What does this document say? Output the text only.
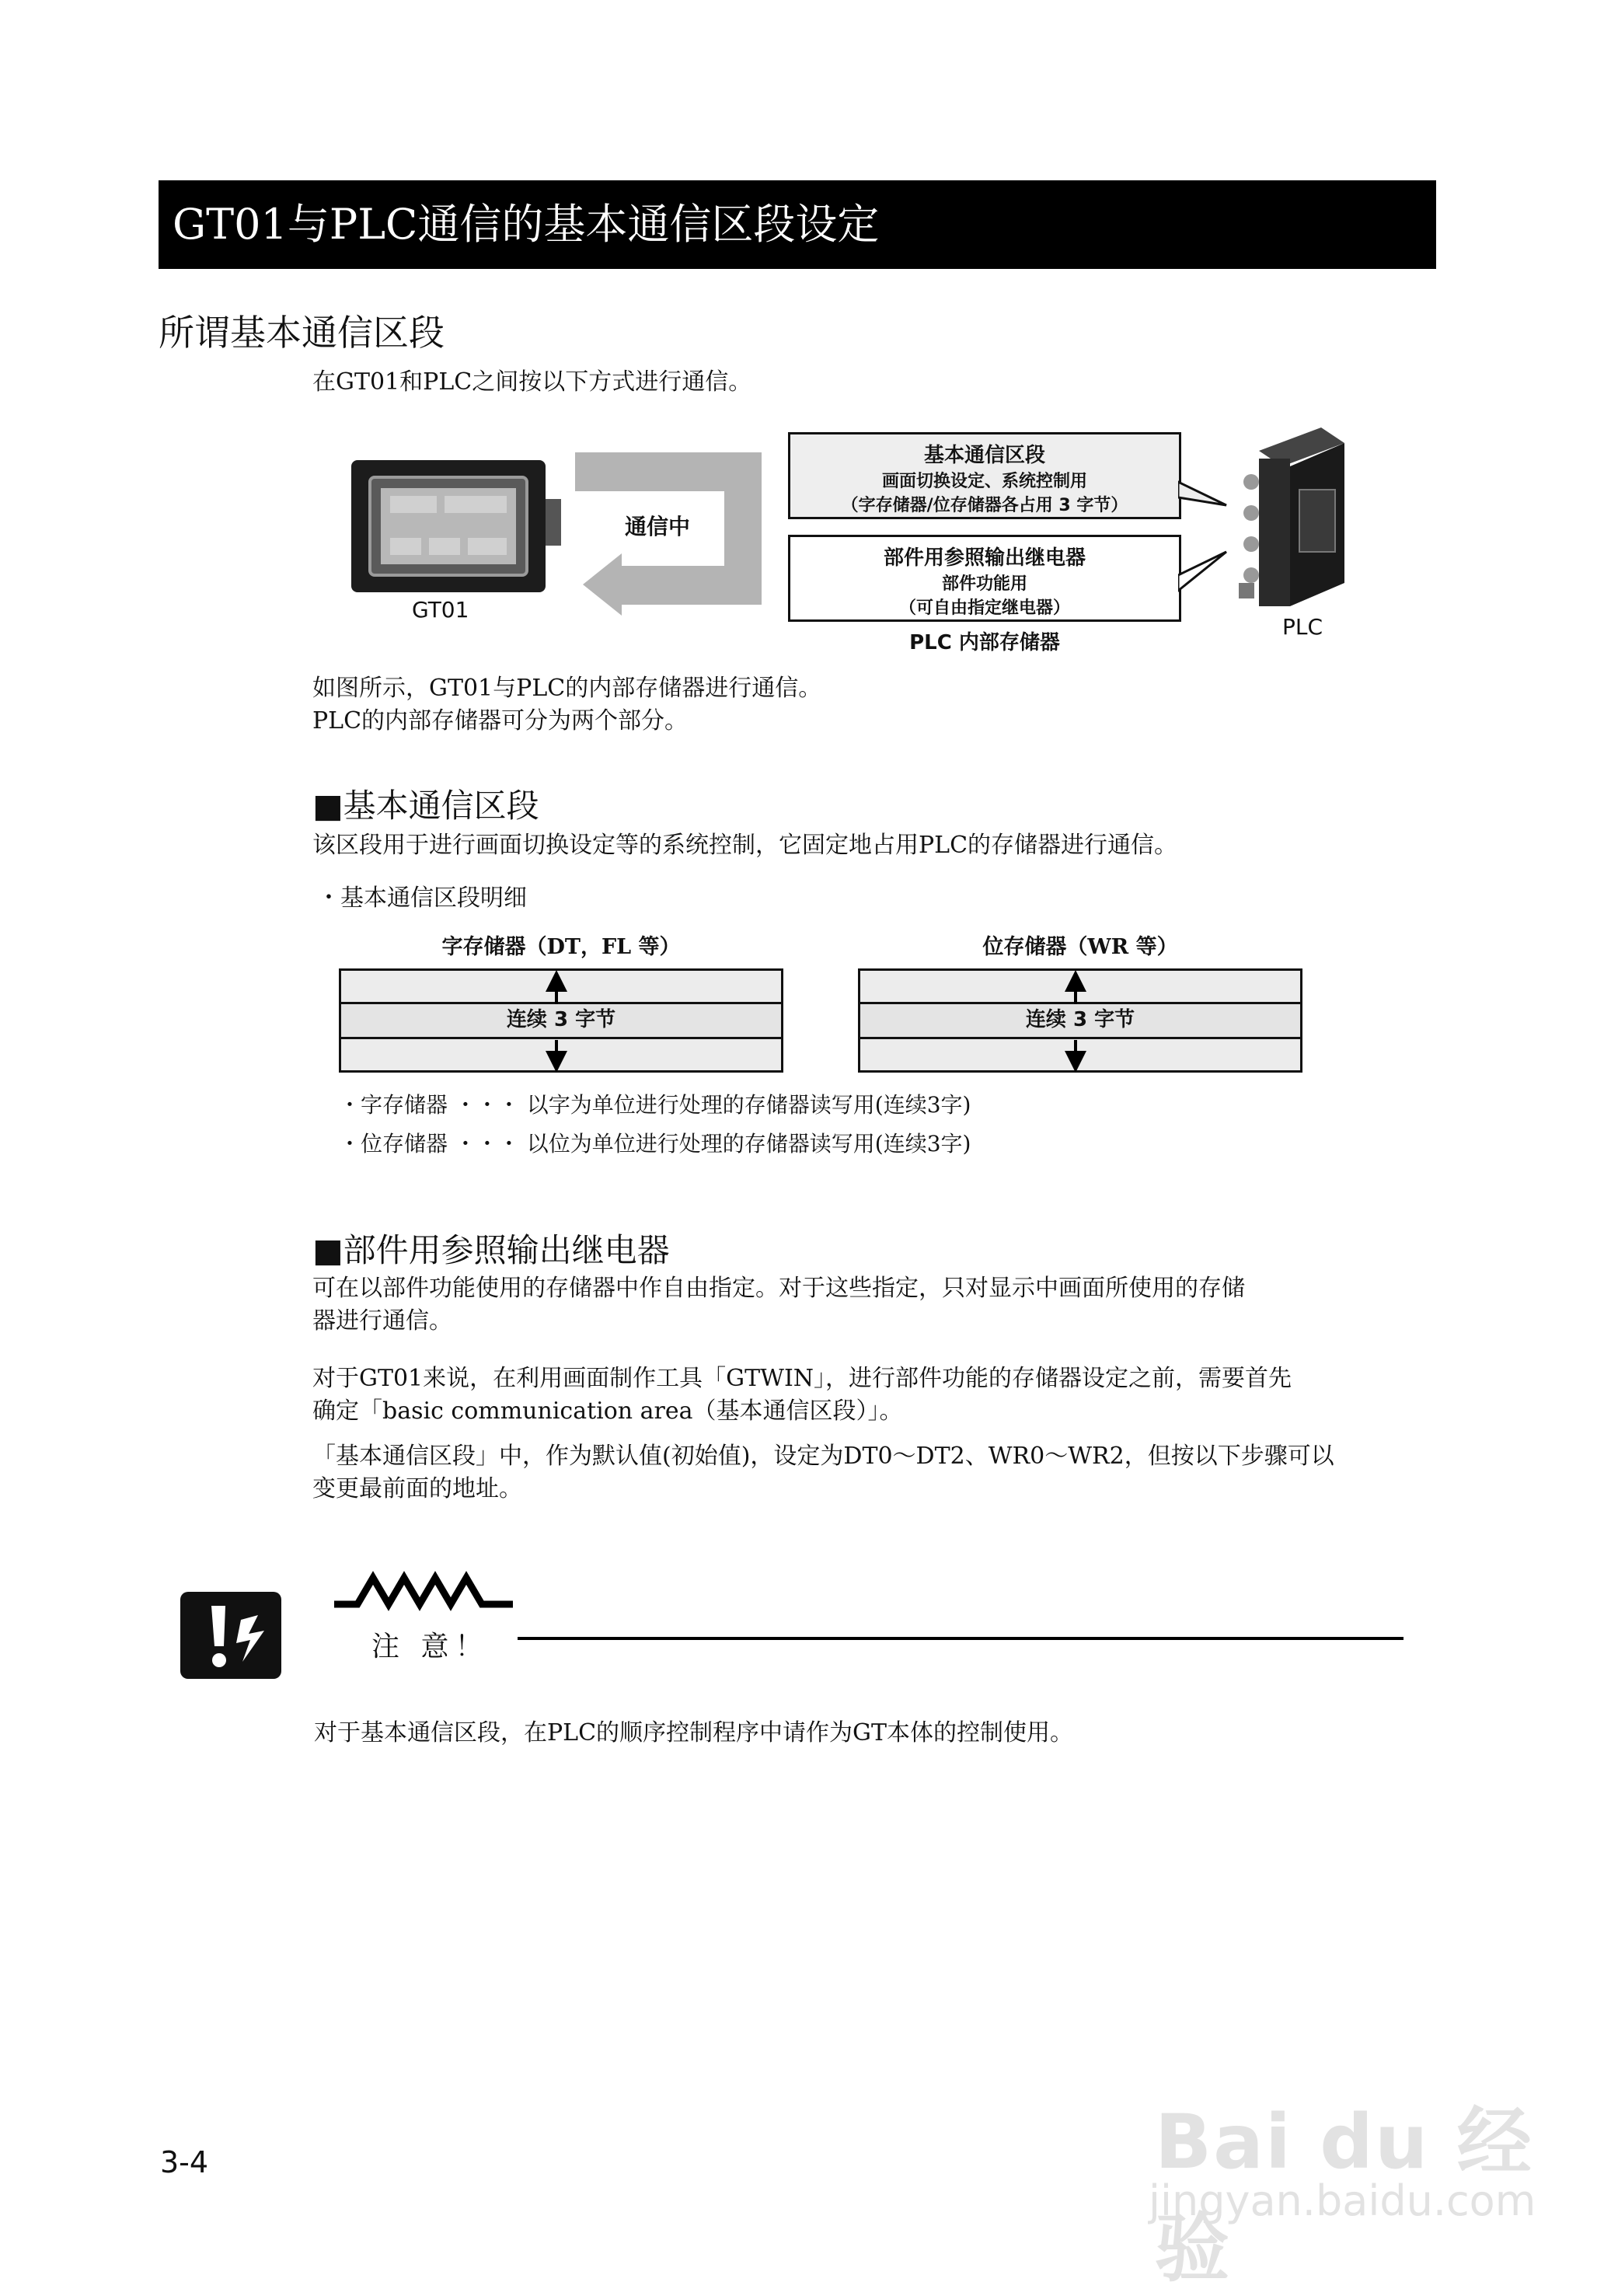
GT01与PLC通信的基本通信区段设定
所谓基本通信区段
在GT01和PLC之间按以下方式进行通信。
GT01
通信中
基本通信区段
画面切换设定、系统控制用
（字存储器/位存储器各占用 3 字节）
部件用参照输出继电器
部件功能用
（可自由指定继电器）
PLC 内部存储器
PLC
如图所示，GT01与PLC的内部存储器进行通信。
PLC的内部存储器可分为两个部分。
■基本通信区段
该区段用于进行画面切换设定等的系统控制，它固定地占用PLC的存储器进行通信。
・基本通信区段明细
字存储器（DT，FL 等）
连续 3 字节
位存储器（WR 等）
连续 3 字节
・字存储器 ・・・ 以字为单位进行处理的存储器读写用(连续3字)
・位存储器 ・・・ 以位为单位进行处理的存储器读写用(连续3字)
■部件用参照输出继电器
可在以部件功能使用的存储器中作自由指定。对于这些指定，只对显示中画面所使用的存储
器进行通信。
对于GT01来说，在利用画面制作工具「GTWIN」，进行部件功能的存储器设定之前，需要首先
确定「basic communication area（基本通信区段）」。
「基本通信区段」中，作为默认值(初始值)，设定为DT0～DT2、WR0～WR2，但按以下步骤可以
变更最前面的地址。
注 意！
对于基本通信区段，在PLC的顺序控制程序中请作为GT本体的控制使用。
Bai du 经验
jingyan.baidu.com
3-4
